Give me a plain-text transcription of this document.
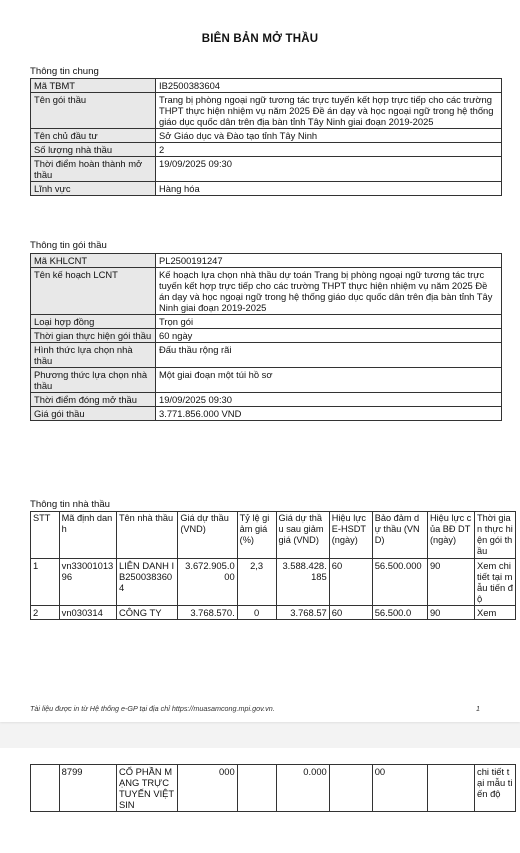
BIÊN BẢN MỞ THẦU
Thông tin chung
Mã TBMT	IB2500383604
Tên gói thầu	Trang bị phòng ngoại ngữ tương tác trực tuyến kết hợp trực tiếp cho các trường THPT thực hiện nhiệm vụ năm 2025 Đề án dạy và học ngoại ngữ trong hệ thống giáo dục quốc dân trên địa bàn tỉnh Tây Ninh giai đoạn 2019-2025
Tên chủ đầu tư	Sở Giáo dục và Đào tạo tỉnh Tây Ninh
Số lượng nhà thầu	2
Thời điểm hoàn thành mở thầu	19/09/2025 09:30
Lĩnh vực	Hàng hóa
Thông tin gói thầu
Mã KHLCNT	PL2500191247
Tên kế hoạch LCNT	Kế hoạch lựa chọn nhà thầu dự toán Trang bị phòng ngoại ngữ tương tác trực tuyến kết hợp trực tiếp cho các trường THPT thực hiện nhiệm vụ năm 2025 Đề án dạy và học ngoại ngữ trong hệ thống giáo dục quốc dân trên địa bàn tỉnh Tây Ninh giai đoạn 2019-2025
Loại hợp đồng	Trọn gói
Thời gian thực hiện gói thầu	60 ngày
Hình thức lựa chọn nhà thầu	Đấu thầu rộng rãi
Phương thức lựa chọn nhà thầu	Một giai đoạn một túi hồ sơ
Thời điểm đóng mở thầu	19/09/2025 09:30
Giá gói thầu	3.771.856.000 VND
Thông tin nhà thầu
STT	Mã định danh	Tên nhà thầu	Giá dự thầu (VND)	Tỷ lệ giảm giá (%)	Giá dự thầu sau giảm giá (VND)	Hiệu lực E-HSDT (ngày)	Bảo đảm dự thầu (VND)	Hiệu lực của BĐ DT (ngày)	Thời gian thực hiện gói thầu
1	vn3300101396	LIÊN DANH IB2500383604	3.672.905.000	2,3	3.588.428.185	60	56.500.000	90	Xem chi tiết tại mẫu tiến độ
2	vn030314	CÔNG TY	3.768.570.	0	3.768.57	60	56.500.0	90	Xem
Tài liệu được in từ Hệ thống e-GP tại địa chỉ https://muasamcong.mpi.gov.vn.	1
	8799	CỔ PHẦN MẠNG TRỰC TUYẾN VIỆT SIN	000		0.000		00		chi tiết tại mẫu tiến độ
